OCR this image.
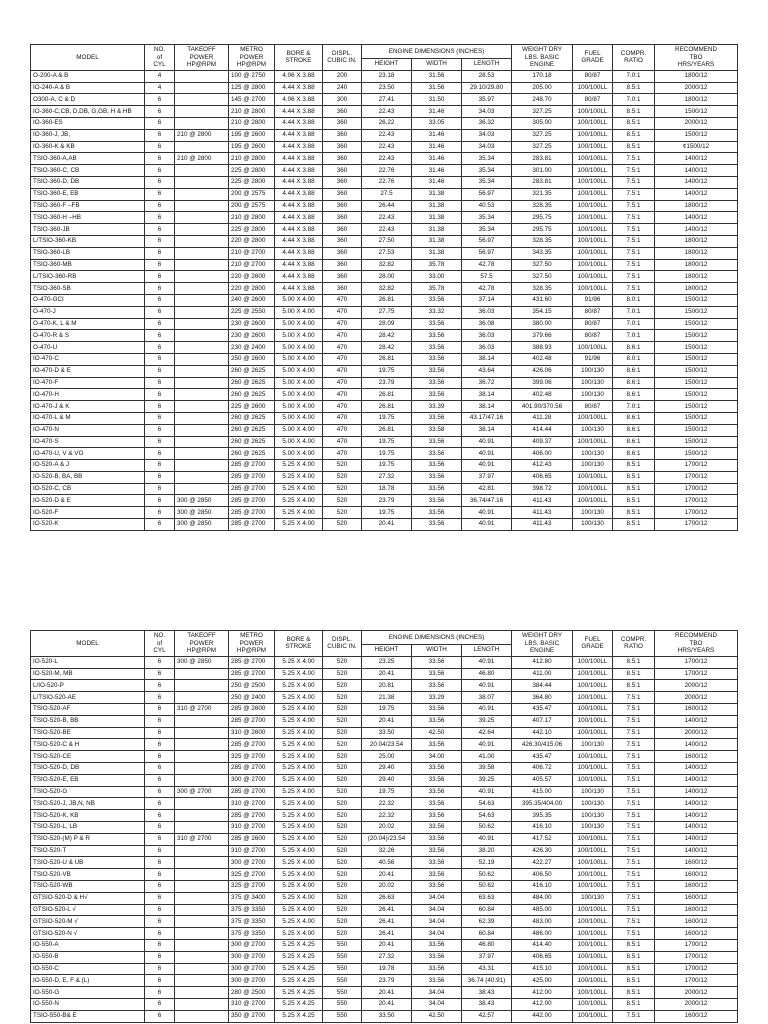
MODEL	NO.
of
CYL	TAKEOFF
POWER
HP@RPM	METRO
POWER
HP@RPM	BORE &
STROKE	DISPL.
CUBIC IN.	ENGINE DIMENSIONS (INCHES)			WEIGHT DRY
LBS. BASIC
ENGINE	FUEL
GRADE	COMPR.
RATIO	RECOMMEND
TBO
HRS/YEARS

						HEIGHT	WIDTH	LENGTH				
O-200-A & B	4		100 @ 2750	4.06 X 3.88	200	23.18	31.56	28.53	170.18	80/87	7.0:1	1800/12
IO-240-A & B	4		125 @ 2800	4.44 X 3.88	240	23.50	31.56	29.10/29.80	205.00	100/100LL	8.5:1	2000/12
O300-A, C & D	6		145 @ 2700	4.06 X 3.88	300	27.41	31.50	35.97	248.70	80/87	7.0:1	1800/12
IO-360-C,CB, D,DB, G,GB, H & HB	6		210 @ 2800	4.44 X 3.88	360	22.43	31.46	34.03	327.25	100/100LL	8.5:1	1500/12
IO-360-ES	6		210 @ 2800	4.44 X 3.88	360	26.22	33.05	36.32	305.00	100/100LL	8.5:1	2000/12
IO-360-J, JB,	6	210 @ 2800	195 @ 2600	4.44 X 3.88	360	22.43	31.46	34.03	327.25	100/100LL	8.5:1	1500/12
IO-360-K & KB	6		195 @ 2600	4.44 X 3.88	360	22.43	31.46	34.03	327.25	100/100LL	8.5:1	¢1500/12
TSIO-360-A,AB	6	210 @ 2800	210 @ 2800	4.44 X 3.88	360	22.43	31.46	35.34	283.81	100/100LL	7.5:1	1400/12
TSIO-360-C, CB	6		225 @ 2800	4.44 X 3.88	360	22.76	31.46	35.34	301.00	100/100LL	7.5:1	1400/12
TSIO-360-D, DB	6		225 @ 2800	4.44 X 3.88	360	22.76	31.46	35.34	283.81	100/100LL	7.5:1	1400/12
TSIO-360-E, EB	6		200 @ 2575	4.44 X 3.88	360	27.5	31.38	56.97	321.35	100/100LL	7.5:1	1400/12
TSIO-360-F –FB	6		200 @ 2575	4.44 X 3.88	360	26.44	31.38	40.53	328.35	100/100LL	7.5:1	1800/12
TSIO-360-H –HB	6		210 @ 2800	4.44 X 3.88	360	22.43	31.38	35.34	295.75	100/100LL	7.5:1	1400/12
TSIO-360-JB	6		225 @ 2800	4.44 X 3.88	360	22.43	31.38	35.34	295.75	100/100LL	7.5:1	1400/12
L/TSIO-360-KB	6		220 @ 2800	4.44 X 3.88	360	27.50	31.38	56.97	328.35	100/100LL	7.5:1	1800/12
TSIO-360-LB	6		210 @ 2700	4.44 X 3.88	360	27.53	31.38	56.97	343.35	100/100LL	7.5:1	1800/12
TSIO-360-MB	6		210 @ 2700	4.44 X 3.88	360	32.82	35.78	42.78	327.50	100/100LL	7.5:1	1800/12
L/TSIO-360-RB	6		220 @ 2600	4.44 X 3.88	360	28.00	33.00	57.5	327.50	100/100LL	7.5:1	1800/12
TSIO-360-SB	6		220 @ 2800	4.44 X 3.88	360	32.82	35.78	42.78	328.35	100/100LL	7.5:1	1800/12
O-470-GCI	6		240 @ 2600	5.00 X 4.00	470	26.81	33.56	37.14	431.60	91/96	8.0:1	1500/12
O-470-J	6		225 @ 2550	5.00 X 4.00	470	27.75	33.32	36.03	354.15	80/87	7.0:1	1500/12
O-470-K, L & M	6		230 @ 2600	5.00 X 4.00	470	28.09	33.56	36.08	380.00	80/87	7.0:1	1500/12
O-470-R & S	6		230 @ 2600	5.00 X 4.00	470	28.42	33.56	36.03	379.66	80/87	7.0:1	1500/12
O-470-U	6		230 @ 2400	5.00 X 4.00	470	28.42	33.56	36.03	388.93	100/100LL	8.6:1	1500/12
IO-470-C	6		250 @ 2600	5.00 X 4.00	470	26.81	33.56	38.14	402.48	91/96	8.0:1	1500/12
IO-470-D & E	6		260 @ 2625	5.00 X 4.00	470	19.75	33.56	43.64	426.06	100/130	8.6:1	1500/12
IO-470-F	6		260 @ 2625	5.00 X 4.00	470	23.79	33.56	36.72	399.06	100/130	8.6:1	1500/12
IO-470-H	6		260 @ 2625	5.00 X 4.00	470	26.81	33.56	38.14	402.48	100/130	8.6:1	1500/12
IO-470-J & K	6		225 @ 2600	5.00 X 4.00	470	26.81	33.39	38.14	401.90/370.56	80/87	7.0:1	1500/12
IO-470-L & M	6		260 @ 2625	5.00 X 4.00	470	19.75	33.56	43.17/47.16	411.28	100/100LL	8.6:1	1500/12
IO-470-N	6		260 @ 2625	5.00 X 4.00	470	26.81	33.58	38.14	414.44	100/130	8.6:1	1500/12
IO-470-S	6		260 @ 2625	5.00 X 4.00	470	19.75	33.56	40.91	409.37	100/100LL	8.6:1	1500/12
IO-470-U, V & VO	6		260 @ 2625	5.00 X 4.00	470	19.75	33.56	40.91	406.00	100/130	8.6:1	1500/12
IO-520-A & J	6		285 @ 2700	5.25 X 4.00	520	19.75	33.56	40.91	412.43	100/130	8.5:1	1700/12
IO-520-B, BA, BB	6		285 @ 2700	5.25 X 4.00	520	27.32	33.56	37.97	406.65	100/100LL	8.5:1	1700/12
IO-520-C, CB	6		285 @ 2700	5.25 X 4.00	520	18.78	33.56	42.81	398.72	100/100LL	8.5:1	1700/12
IO-520-D & E	6	300 @ 2850	285 @ 2700	5.25 X 4.00	520	23.79	33.56	36.74/47.16	411.43	100/100LL	8.5:1	1700/12
IO-520-F	6	300 @ 2850	285 @ 2700	5.25 X 4.00	520	19.75	33.56	40.91	411.43	100/130	8.5:1	1700/12
IO-520-K	6	300 @ 2850	285 @ 2700	5.25 X 4.00	520	20.41	33.56	40.91	411.43	100/130	8.5:1	1700/12
MODEL	NO.
of
CYL	TAKEOFF
POWER
HP@RPM	METRO
POWER
HP@RPM	BORE &
STROKE	DISPL.
CUBIC IN.	ENGINE DIMENSIONS (INCHES)			WEIGHT DRY
LBS. BASIC
ENGINE	FUEL
GRADE	COMPR.
RATIO	RECOMMEND
TBO
HRS/YEARS

						HEIGHT	WIDTH	LENGTH				
IO-520-L	6	300 @ 2850	285 @ 2700	5.25 X 4.00	520	23.25	33.56	40.91	412.80	100/100LL	8.5:1	1700/12
IO-520-M, MB	6		285 @ 2700	5.25 X 4.00	520	20.41	33.56	46.80	411.00	100/100LL	8.5:1	1700/12
L/IO-520-P	6		250 @ 2500	5.25 X 4.00	520	20.81	33.56	40.91	384.44	100/100LL	8.5:1	2000/12
L/TSIO-520-AE	6		250 @ 2400	5.25 X 4.00	520	21.38	33.29	38.07	364.80	100/100LL	7.5:1	2000/12
TSIO-520-AF	6	310 @ 2700	285 @ 2600	5.25 X 4.00	520	19.75	33.56	40.91	435.47	100/100LL	7.5:1	1600/12
TSIO-520-B, BB	6		285 @ 2700	5.25 X 4.00	520	20.41	33.56	39.25	407.17	100/100LL	7.5:1	1400/12
TSIO-520-BE	6		310 @ 2600	5.25 X 4.00	520	33.50	42.50	42.64	442.10	100/100LL	7.5:1	2000/12
TSIO-520-C & H	6		285 @ 2700	5.25 X 4.00	520	20.04/23.54	33.56	40.91	426.30/415.06	100/130	7.5:1	1400/12
TSIO-520-CE	6		325 @ 2700	5.25 X 4.00	520	25.00	34.00	41.00	435.47	100/100LL	7.5:1	1600/12
TSIO-520-D, DB	6		285 @ 2700	5.25 X 4.00	520	29.40	33.56	39.58	406.72	100/100LL	7.5:1	1400/12
TSIO-520-E, EB	6		300 @ 2700	5.25 X 4.00	520	29.40	33.56	39.25	405.57	100/100LL	7.5:1	1400/12
TSIO-520-G	6	300 @ 2700	285 @ 2700	5.25 X 4.00	520	19.75	33.56	40.91	415.00	100/130	7.5:1	1400/12
TSIO-520-J, JB,N, NB	6		310 @ 2700	5.25 X 4.00	520	22.32	33.56	54.63	395.35/404.00	100/130	7.5:1	1400/12
TSIO-520-K, KB	6		285 @ 2700	5.25 X 4.00	520	22.32	33.56	54.63	395.35	100/130	7.5:1	1400/12
TSIO-520-L, LB	6		310 @ 2700	5.25 X 4.00	520	20.02	33.56	50.62	416.10	100/130	7.5:1	1400/12
TSIO-520-(M) P & R	6	310 @ 2700	285 @ 2600	5.25 X 4.00	520	(20.04)/23.54	33.56	40.91	417.52	100/100LL	7.5:1	1400/12
TSIO-520-T	6		310 @ 2700	5.25 X 4.00	520	32.26	33.56	38.20	426.30	100/100LL	7.5:1	1400/12
TSIO-520-U & UB	6		300 @ 2700	5.25 X 4.00	520	40.56	33.56	52.19	422.27	100/100LL	7.5:1	1600/12
TSIO-520-VB	6		325 @ 2700	5.25 X 4.00	520	20.41	33.56	50.62	406.50	100/100LL	7.5:1	1600/12
TSIO-520-WB	6		325 @ 2700	5.25 X 4.00	520	20.02	33.56	50.62	416.10	100/100LL	7.5:1	1600/12
GTSIO-520-D & H√	6		375 @ 3400	5.25 X 4.00	520	26.63	34.04	63.63	484.00	100/130	7.5:1	1600/12
GTSIO-520-L √	6		375 @ 3350	5.25 X 4.00	520	26.41	34.04	60.84	485.00	100/100LL	7.5:1	1600/12
GTSIO-520-M √	6		375 @ 3350	5.25 X 4.00	520	26.41	34.04	62.39	483.00	100/100LL	7.5:1	1600/12
GTSIO-520-N √	6		375 @ 3350	5.25 X 4.00	520	26.41	34.04	60.84	486.00	100/100LL	7.5:1	1600/12
IO-550-A	6		300 @ 2700	5.25 X 4.25	550	20.41	33.56	46.80	414.40	100/100LL	8.5:1	1700/12
IO-550-B	6		300 @ 2700	5.25 X 4.25	550	27.32	33.56	37.97	406.65	100/100LL	8.5:1	1700/12
IO-550-C	6		300 @ 2700	5.25 X 4.25	550	19.78	33.56	43.31	415.10	100/100LL	8.5:1	1700/12
IO-550-D, E, F & (L)	6		300 @ 2700	5.25 X 4.25	550	23.79	33.56	36.74 (40.91)	425.00	100/100LL	8.5:1	1700/12
IO-550-G	6		280 @ 2500	5.25 X 4.25	550	20.41	34.04	38.43	412.00	100/100LL	8.5:1	2000/12
IO-550-N	6		310 @ 2700	5.25 X 4.25	550	20.41	34.04	38.43	412.00	100/100LL	8.5:1	2000/12
TSIO-550-B& E	6		350 @ 2700	5.25 X 4.25	550	33.50	42.50	42.57	442.00	100/100LL	7.5:1	1600/12
